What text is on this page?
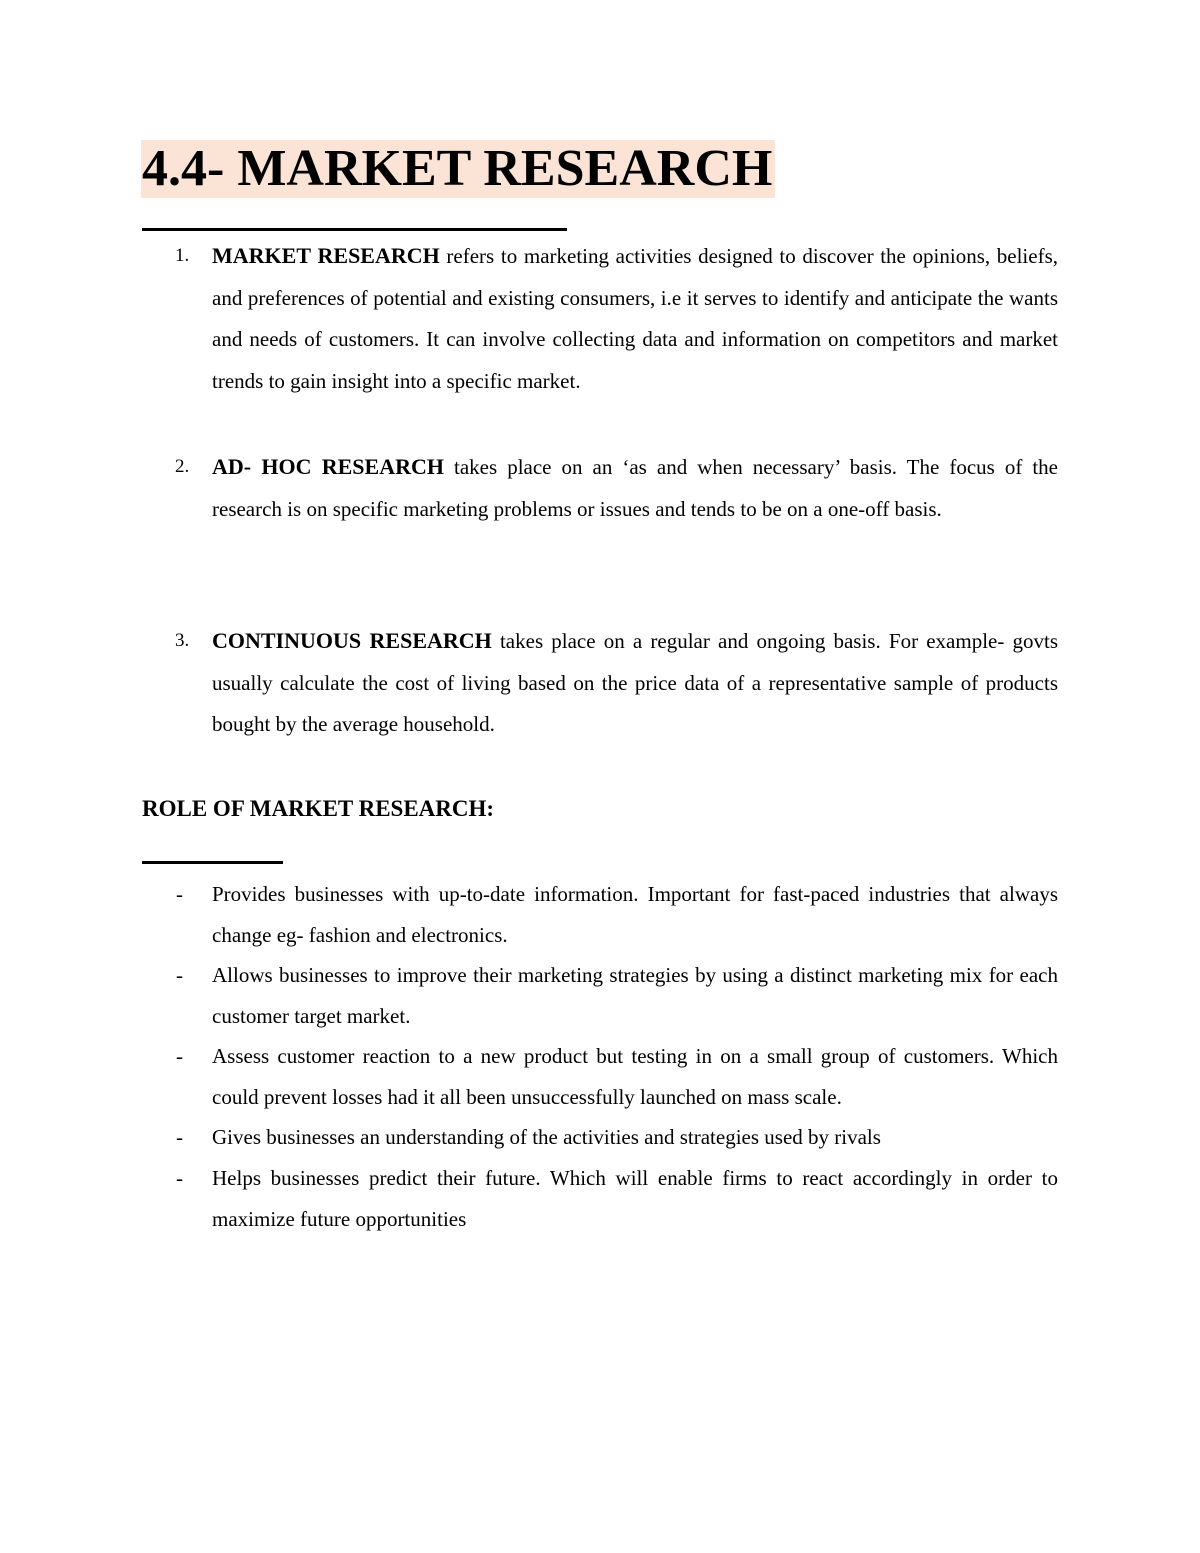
4.4- MARKET RESEARCH
1. MARKET RESEARCH refers to marketing activities designed to discover the opinions, beliefs, and preferences of potential and existing consumers, i.e it serves to identify and anticipate the wants and needs of customers. It can involve collecting data and information on competitors and market trends to gain insight into a specific market.
2. AD- HOC RESEARCH takes place on an ‘as and when necessary’ basis. The focus of the research is on specific marketing problems or issues and tends to be on a one-off basis.
3. CONTINUOUS RESEARCH takes place on a regular and ongoing basis. For example- govts usually calculate the cost of living based on the price data of a representative sample of products bought by the average household.
ROLE OF MARKET RESEARCH:
- Provides businesses with up-to-date information. Important for fast-paced industries that always change eg- fashion and electronics.
- Allows businesses to improve their marketing strategies by using a distinct marketing mix for each customer target market.
- Assess customer reaction to a new product but testing in on a small group of customers. Which could prevent losses had it all been unsuccessfully launched on mass scale.
- Gives businesses an understanding of the activities and strategies used by rivals
- Helps businesses predict their future. Which will enable firms to react accordingly in order to maximize future opportunities
